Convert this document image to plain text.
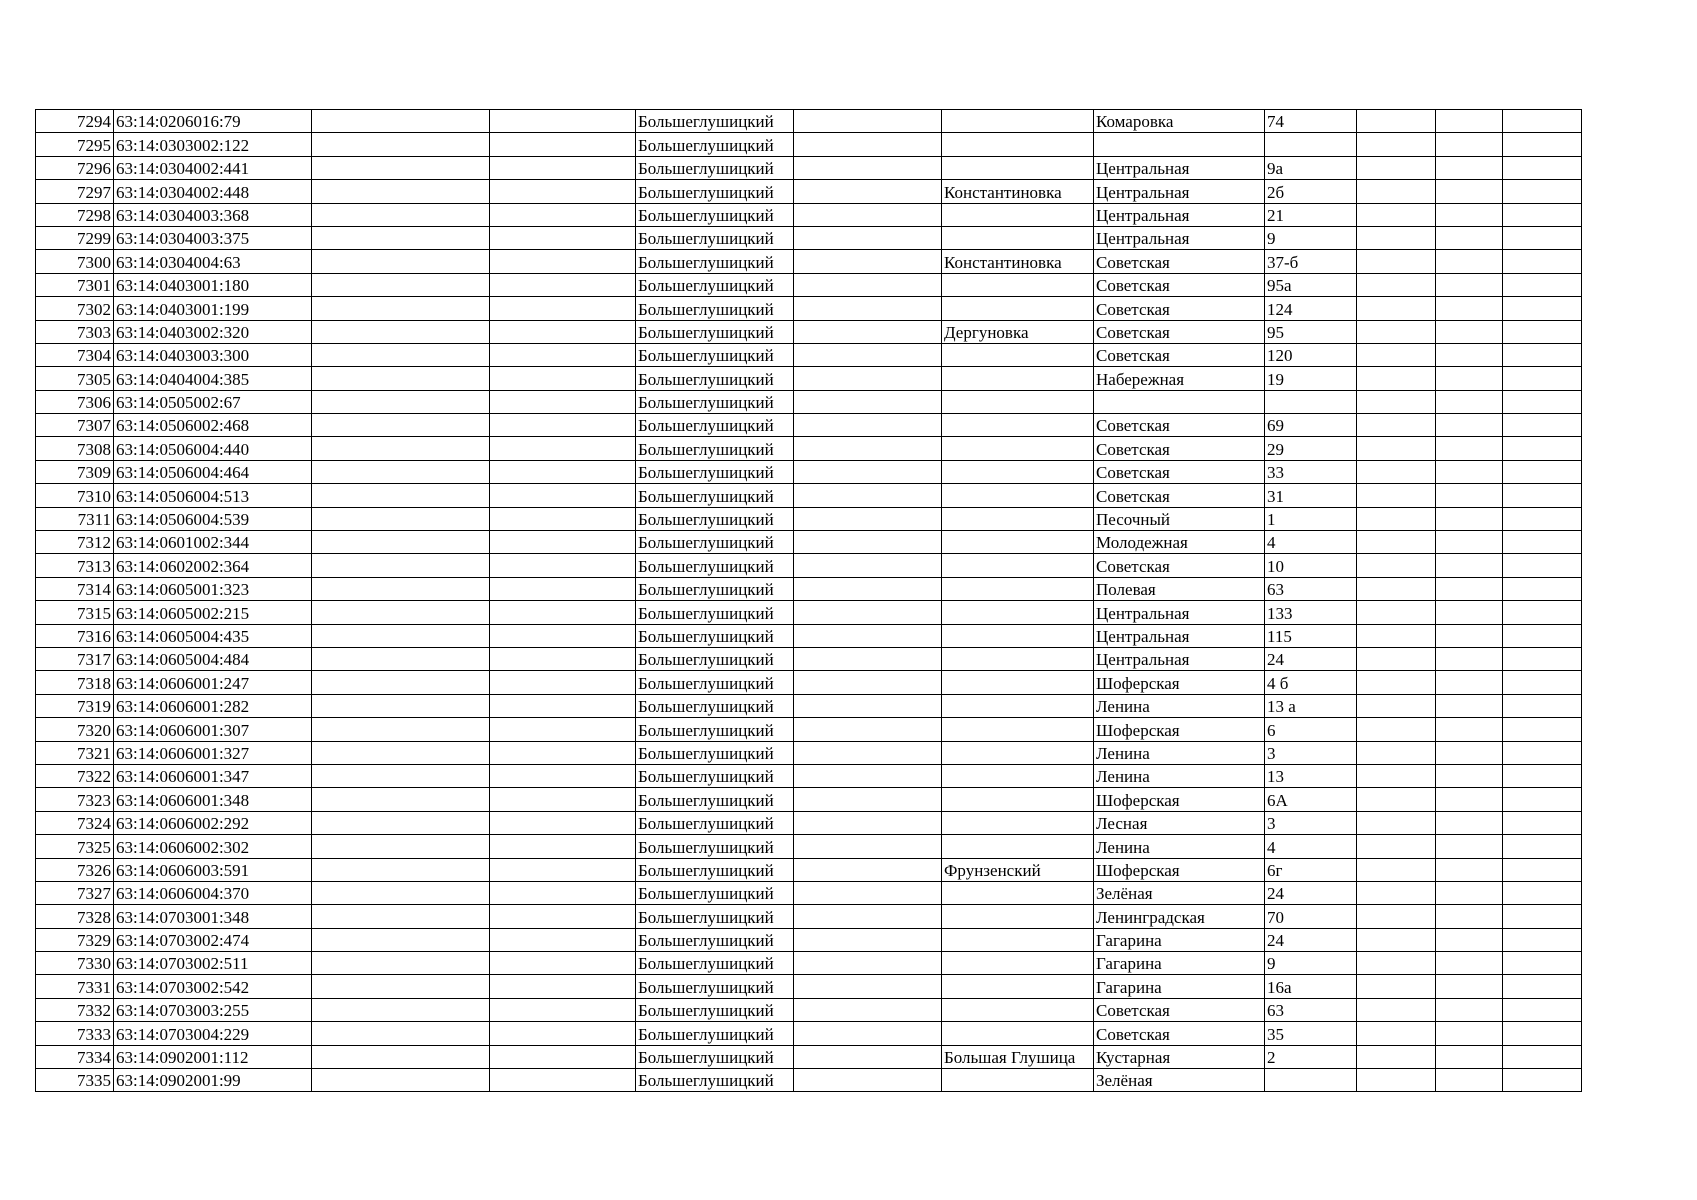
7294	63:14:0206016:79			Большеглушицкий			Комаровка	74			
7295	63:14:0303002:122			Большеглушицкий							
7296	63:14:0304002:441			Большеглушицкий			Центральная	9а			
7297	63:14:0304002:448			Большеглушицкий		Константиновка	Центральная	2б			
7298	63:14:0304003:368			Большеглушицкий			Центральная	21			
7299	63:14:0304003:375			Большеглушицкий			Центральная	9			
7300	63:14:0304004:63			Большеглушицкий		Константиновка	Советская	37-б			
7301	63:14:0403001:180			Большеглушицкий			Советская	95а			
7302	63:14:0403001:199			Большеглушицкий			Советская	124			
7303	63:14:0403002:320			Большеглушицкий		Дергуновка	Советская	95			
7304	63:14:0403003:300			Большеглушицкий			Советская	120			
7305	63:14:0404004:385			Большеглушицкий			Набережная	19			
7306	63:14:0505002:67			Большеглушицкий							
7307	63:14:0506002:468			Большеглушицкий			Советская	69			
7308	63:14:0506004:440			Большеглушицкий			Советская	29			
7309	63:14:0506004:464			Большеглушицкий			Советская	33			
7310	63:14:0506004:513			Большеглушицкий			Советская	31			
7311	63:14:0506004:539			Большеглушицкий			Песочный	1			
7312	63:14:0601002:344			Большеглушицкий			Молодежная	4			
7313	63:14:0602002:364			Большеглушицкий			Советская	10			
7314	63:14:0605001:323			Большеглушицкий			Полевая	63			
7315	63:14:0605002:215			Большеглушицкий			Центральная	133			
7316	63:14:0605004:435			Большеглушицкий			Центральная	115			
7317	63:14:0605004:484			Большеглушицкий			Центральная	24			
7318	63:14:0606001:247			Большеглушицкий			Шоферская	4 б			
7319	63:14:0606001:282			Большеглушицкий			Ленина	13 а			
7320	63:14:0606001:307			Большеглушицкий			Шоферская	6			
7321	63:14:0606001:327			Большеглушицкий			Ленина	3			
7322	63:14:0606001:347			Большеглушицкий			Ленина	13			
7323	63:14:0606001:348			Большеглушицкий			Шоферская	6А			
7324	63:14:0606002:292			Большеглушицкий			Лесная	3			
7325	63:14:0606002:302			Большеглушицкий			Ленина	4			
7326	63:14:0606003:591			Большеглушицкий		Фрунзенский	Шоферская	6г			
7327	63:14:0606004:370			Большеглушицкий			Зелёная	24			
7328	63:14:0703001:348			Большеглушицкий			Ленинградская	70			
7329	63:14:0703002:474			Большеглушицкий			Гагарина	24			
7330	63:14:0703002:511			Большеглушицкий			Гагарина	9			
7331	63:14:0703002:542			Большеглушицкий			Гагарина	16а			
7332	63:14:0703003:255			Большеглушицкий			Советская	63			
7333	63:14:0703004:229			Большеглушицкий			Советская	35			
7334	63:14:0902001:112			Большеглушицкий		Большая Глушица	Кустарная	2			
7335	63:14:0902001:99			Большеглушицкий			Зелёная				
